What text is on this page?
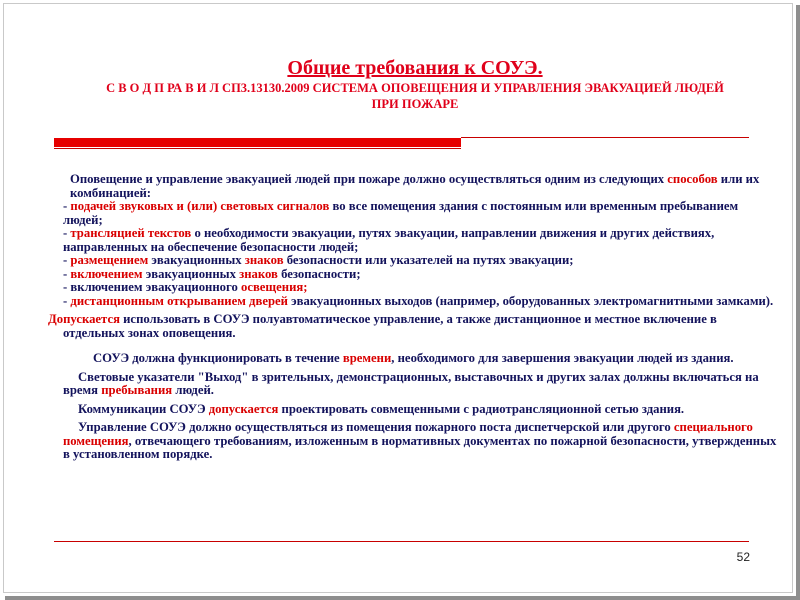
Общие требования к СОУЭ.
С В О Д П РА В И Л СП3.13130.2009 СИСТЕМА ОПОВЕЩЕНИЯ И УПРАВЛЕНИЯ ЭВАКУАЦИЕЙ ЛЮДЕЙ ПРИ ПОЖАРЕ

Оповещение и управление эвакуацией людей при пожаре должно осуществляться одним из следующих способов или их комбинацией:

- подачей звуковых и (или) световых сигналов во все помещения здания с постоянным или временным пребыванием людей;

- трансляцией текстов о необходимости эвакуации, путях эвакуации, направлении движения и других действиях, направленных на обеспечение безопасности людей;

- размещением эвакуационных знаков безопасности или указателей на путях эвакуации;

- включением эвакуационных знаков безопасности;

- включением эвакуационного освещения;

- дистанционным открыванием дверей эвакуационных выходов (например, оборудованных электромагнитными замками).

Допускается использовать в СОУЭ полуавтоматическое управление, а также дистанционное и местное включение в отдельных зонах оповещения.

СОУЭ должна функционировать в течение времени, необходимого для завершения эвакуации людей из здания.

Световые указатели "Выход" в зрительных, демонстрационных, выставочных и других залах должны включаться на время пребывания людей.

Коммуникации СОУЭ допускается проектировать совмещенными с радиотрансляционной сетью здания.

Управление СОУЭ должно осуществляться из помещения пожарного поста диспетчерской или другого специального помещения, отвечающего требованиям, изложенным в нормативных документах по пожарной безопасности, утвержденных в установленном порядке.

52
